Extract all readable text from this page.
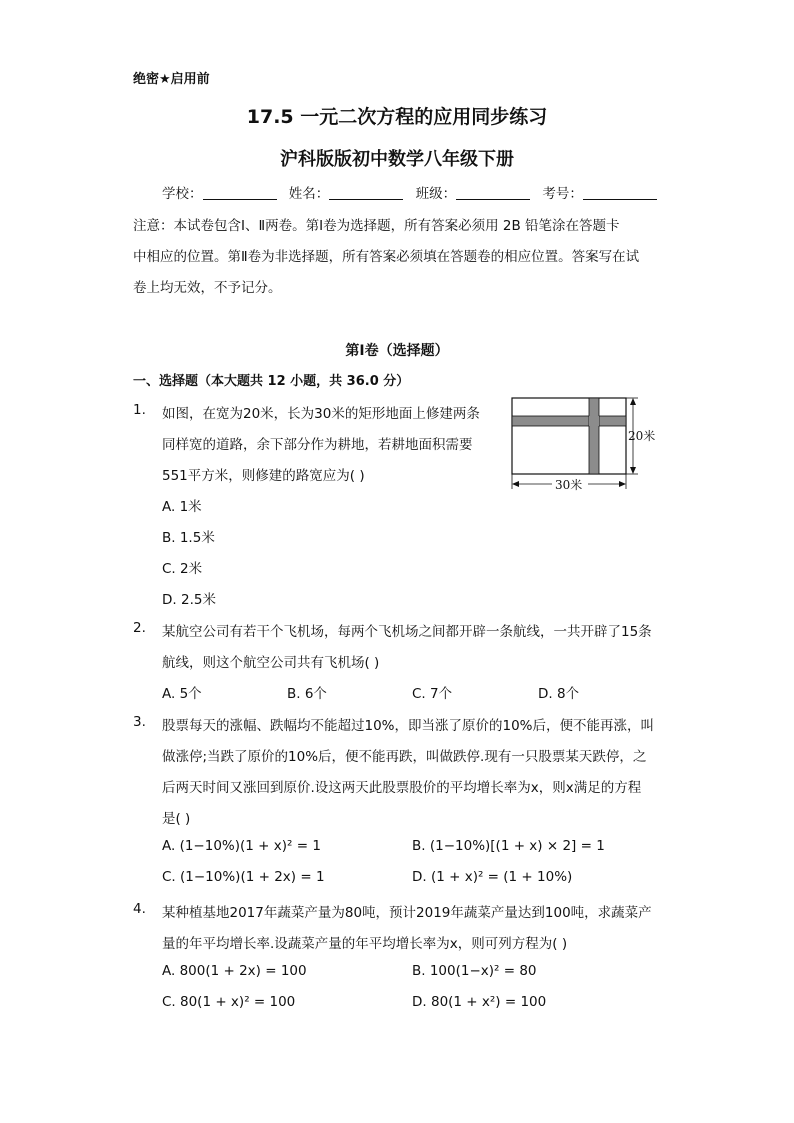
绝密★启用前
17.5 一元二次方程的应用同步练习
沪科版版初中数学八年级下册
学校：	姓名：	班级：	考号：
注意：本试卷包含Ⅰ、Ⅱ两卷。第Ⅰ卷为选择题，所有答案必须用 2B 铅笔涂在答题卡
中相应的位置。第Ⅱ卷为非选择题，所有答案必须填在答题卷的相应位置。答案写在试
卷上均无效，不予记分。
第Ⅰ卷（选择题）
一、选择题（本大题共 12 小题，共 36.0 分）
1. 如图，在宽为20米，长为30米的矩形地面上修建两条
同样宽的道路，余下部分作为耕地，若耕地面积需要
551平方米，则修建的路宽应为( )
A. 1米
B. 1.5米
C. 2米
D. 2.5米
20米
30米
2. 某航空公司有若干个飞机场，每两个飞机场之间都开辟一条航线，一共开辟了15条
航线，则这个航空公司共有飞机场( )
A. 5个	B. 6个	C. 7个	D. 8个
3. 股票每天的涨幅、跌幅均不能超过10%，即当涨了原价的10%后，便不能再涨，叫
做涨停;当跌了原价的10%后，便不能再跌，叫做跌停.现有一只股票某天跌停，之
后两天时间又涨回到原价.设这两天此股票股价的平均增长率为x，则x满足的方程
是( )
A. (1−10%)(1 + x)² = 1	B. (1−10%)[(1 + x) × 2] = 1
C. (1−10%)(1 + 2x) = 1	D. (1 + x)² = (1 + 10%)
4. 某种植基地2017年蔬菜产量为80吨，预计2019年蔬菜产量达到100吨，求蔬菜产
量的年平均增长率.设蔬菜产量的年平均增长率为x，则可列方程为( )
A. 800(1 + 2x) = 100	B. 100(1−x)² = 80
C. 80(1 + x)² = 100	D. 80(1 + x²) = 100
